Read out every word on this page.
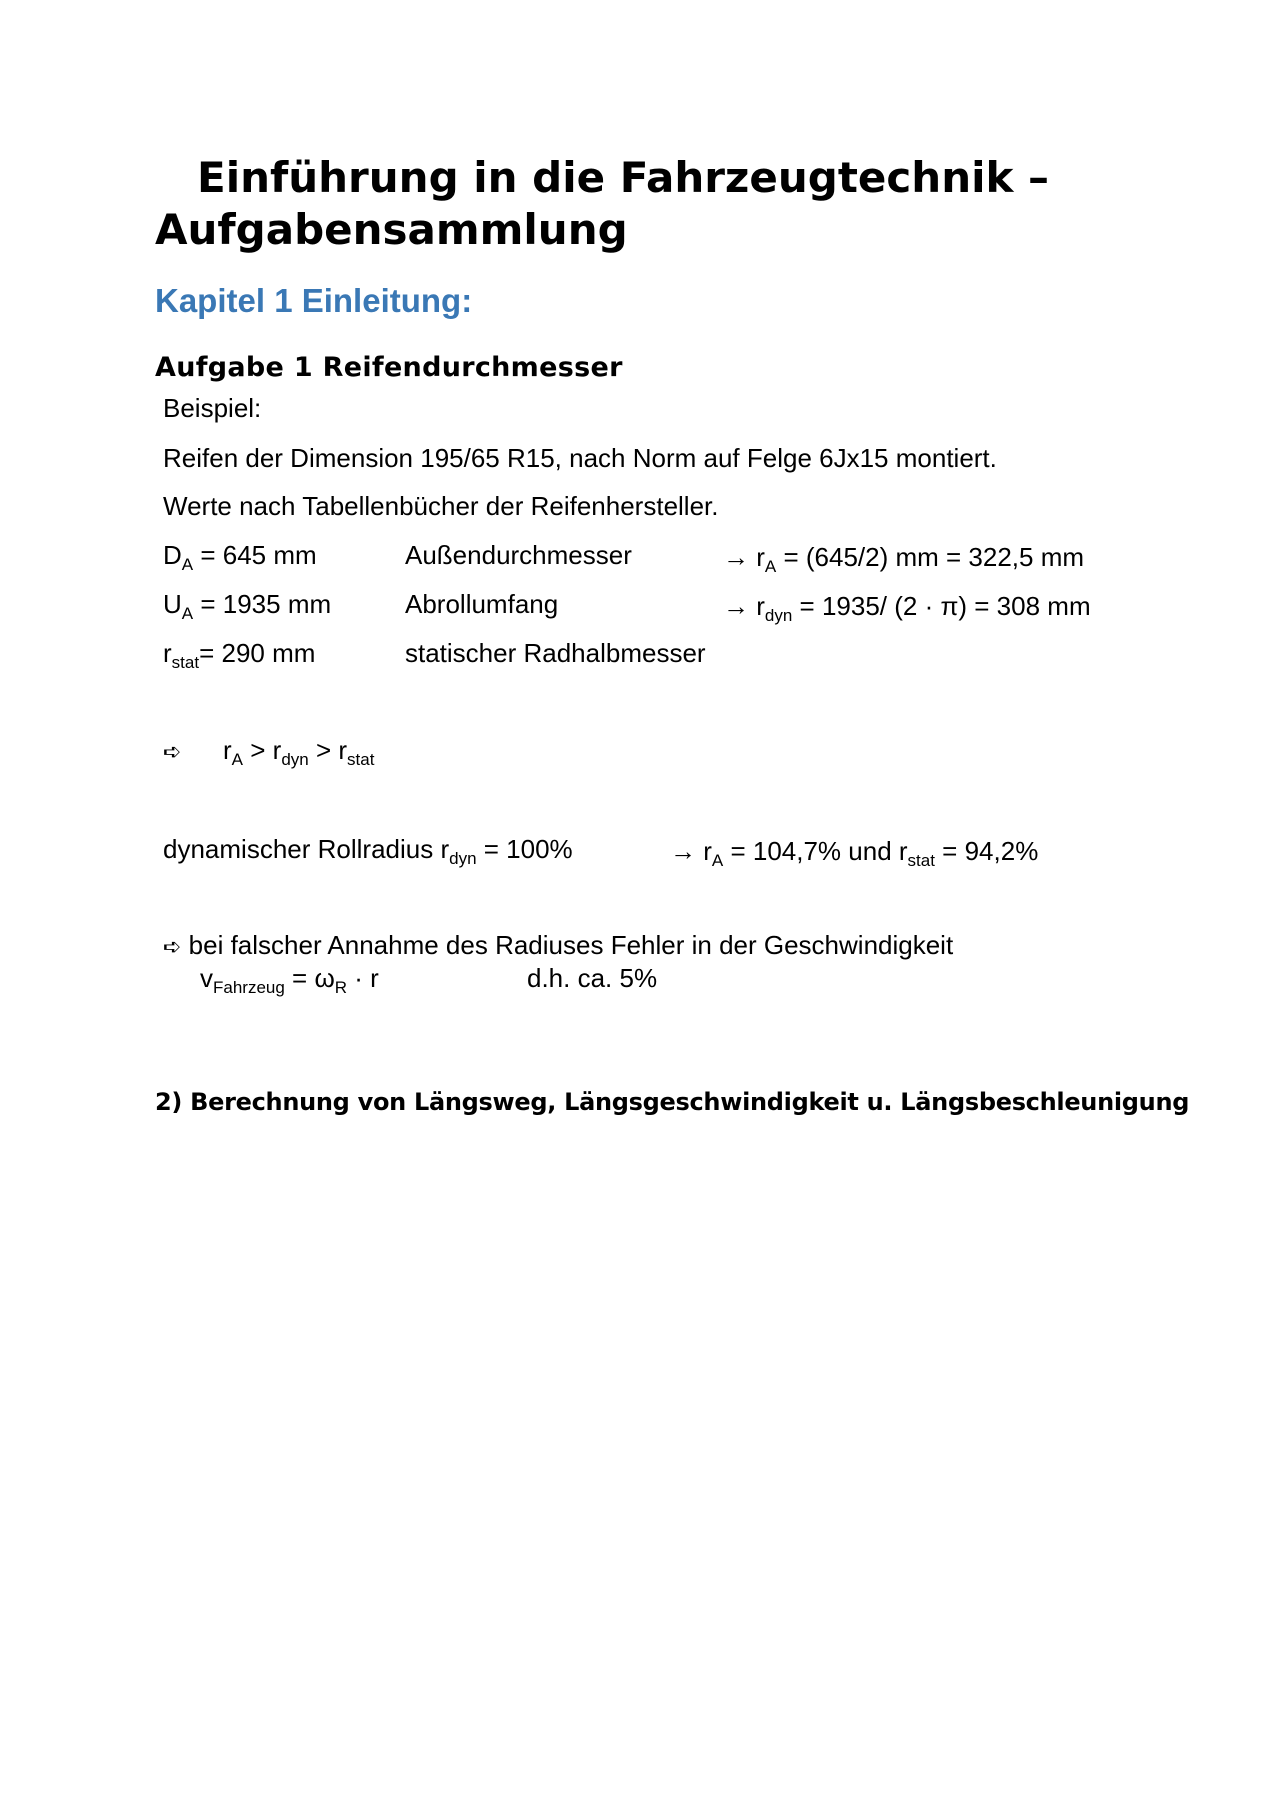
Einführung in die Fahrzeugtechnik –
Aufgabensammlung
Kapitel 1 Einleitung:
Aufgabe 1 Reifendurchmesser
Beispiel:
Reifen der Dimension 195/65 R15, nach Norm auf Felge 6Jx15 montiert.
Werte nach Tabellenbücher der Reifenhersteller.
$D_A = 645$ mm	Außendurchmesser	→ $r_A = (645/2)$ mm = 322,5 mm
$U_A = 1935$ mm	Abrollumfang	→ $r_{dyn} = 1935/$ (2 · π) = 308 mm
$r_{stat}= 290$ mm	statischer Radhalbmesser
➪ $r_A > r_{dyn} > r_{stat}$
dynamischer Rollradius $r_{dyn} = 100\%$	→ $r_A = 104,7\%$ und $r_{stat} = 94,2\%$
➪ bei falscher Annahme des Radiuses Fehler in der Geschwindigkeit
$v_{Fahrzeug} = \omega_R \cdot r$	d.h. ca. 5%
2) Berechnung von Längsweg, Längsgeschwindigkeit u. Längsbeschleunigung
